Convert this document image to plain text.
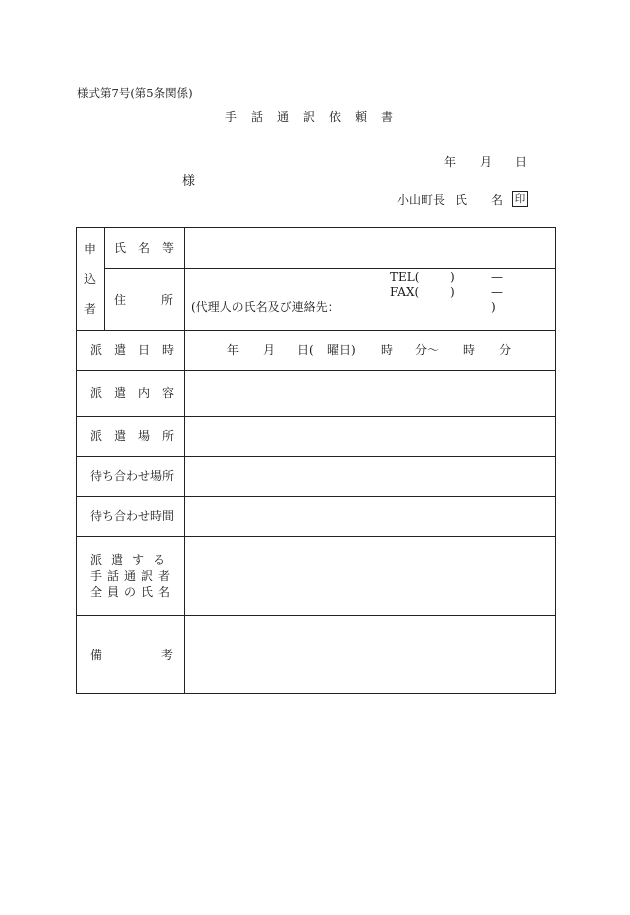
様式第7号(第5条関係)
手話通訳依頼書
年 月 日
様
小山町長 氏 名 印
申
込
者
氏名等
住	所
TEL(	)	—
FAX(	)	—
(代理人の氏名及び連絡先：	)
派遣日時	年 月 日( 曜日) 時 分〜 時 分
派遣内容
派遣場所
待ち合わせ場所
待ち合わせ時間
派遣する
手話通訳者
全員の氏名
備	考
